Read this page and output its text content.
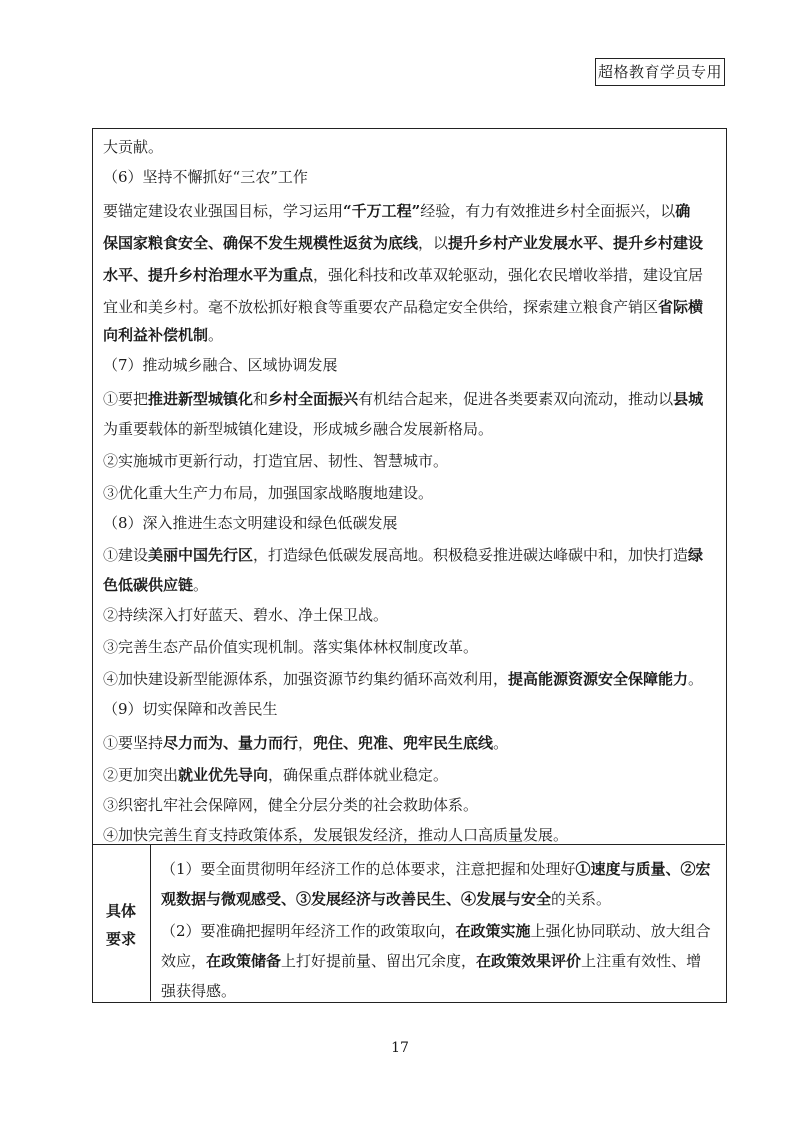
超格教育学员专用
大贡献。
（6）坚持不懈抓好“三农”工作
要锚定建设农业强国目标，学习运用“千万工程”经验，有力有效推进乡村全面振兴，以确
保国家粮食安全、确保不发生规模性返贫为底线，以提升乡村产业发展水平、提升乡村建设
水平、提升乡村治理水平为重点，强化科技和改革双轮驱动，强化农民增收举措，建设宜居
宜业和美乡村。毫不放松抓好粮食等重要农产品稳定安全供给，探索建立粮食产销区省际横
向利益补偿机制。
（7）推动城乡融合、区域协调发展
①要把推进新型城镇化和乡村全面振兴有机结合起来，促进各类要素双向流动，推动以县城
为重要载体的新型城镇化建设，形成城乡融合发展新格局。
②实施城市更新行动，打造宜居、韧性、智慧城市。
③优化重大生产力布局，加强国家战略腹地建设。
（8）深入推进生态文明建设和绿色低碳发展
①建设美丽中国先行区，打造绿色低碳发展高地。积极稳妥推进碳达峰碳中和，加快打造绿
色低碳供应链。
②持续深入打好蓝天、碧水、净土保卫战。
③完善生态产品价值实现机制。落实集体林权制度改革。
④加快建设新型能源体系，加强资源节约集约循环高效利用，提高能源资源安全保障能力。
（9）切实保障和改善民生
①要坚持尽力而为、量力而行，兜住、兜准、兜牢民生底线。
②更加突出就业优先导向，确保重点群体就业稳定。
③织密扎牢社会保障网，健全分层分类的社会救助体系。
④加快完善生育支持政策体系，发展银发经济，推动人口高质量发展。
具体
要求
（1）要全面贯彻明年经济工作的总体要求，注意把握和处理好①速度与质量、②宏
观数据与微观感受、③发展经济与改善民生、④发展与安全的关系。
（2）要准确把握明年经济工作的政策取向，在政策实施上强化协同联动、放大组合
效应，在政策储备上打好提前量、留出冗余度，在政策效果评价上注重有效性、增
强获得感。
17
